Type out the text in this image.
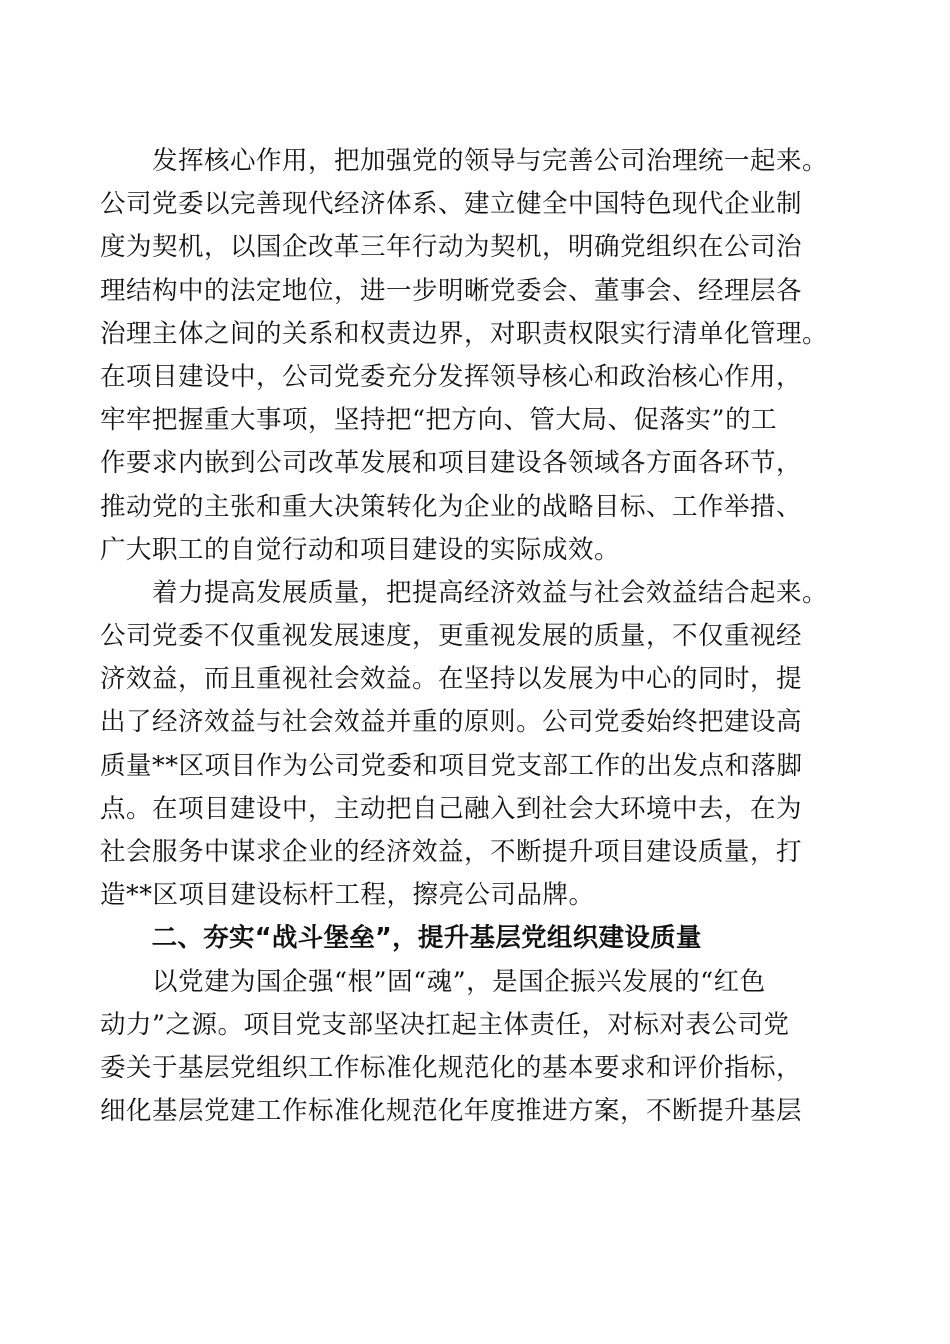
　　发挥核心作用，把加强党的领导与完善公司治理统一起来。
公司党委以完善现代经济体系、建立健全中国特色现代企业制
度为契机，以国企改革三年行动为契机，明确党组织在公司治
理结构中的法定地位，进一步明晰党委会、董事会、经理层各
治理主体之间的关系和权责边界，对职责权限实行清单化管理。
在项目建设中，公司党委充分发挥领导核心和政治核心作用，
牢牢把握重大事项，坚持把“把方向、管大局、促落实”的工
作要求内嵌到公司改革发展和项目建设各领域各方面各环节，
推动党的主张和重大决策转化为企业的战略目标、工作举措、
广大职工的自觉行动和项目建设的实际成效。
　　着力提高发展质量，把提高经济效益与社会效益结合起来。
公司党委不仅重视发展速度，更重视发展的质量，不仅重视经
济效益，而且重视社会效益。在坚持以发展为中心的同时，提
出了经济效益与社会效益并重的原则。公司党委始终把建设高
质量**区项目作为公司党委和项目党支部工作的出发点和落脚
点。在项目建设中，主动把自己融入到社会大环境中去，在为
社会服务中谋求企业的经济效益，不断提升项目建设质量，打
造**区项目建设标杆工程，擦亮公司品牌。
　　二、夯实“战斗堡垒”，提升基层党组织建设质量
　　以党建为国企强“根”固“魂”，是国企振兴发展的“红色
动力”之源。项目党支部坚决扛起主体责任，对标对表公司党
委关于基层党组织工作标准化规范化的基本要求和评价指标，
细化基层党建工作标准化规范化年度推进方案，不断提升基层
